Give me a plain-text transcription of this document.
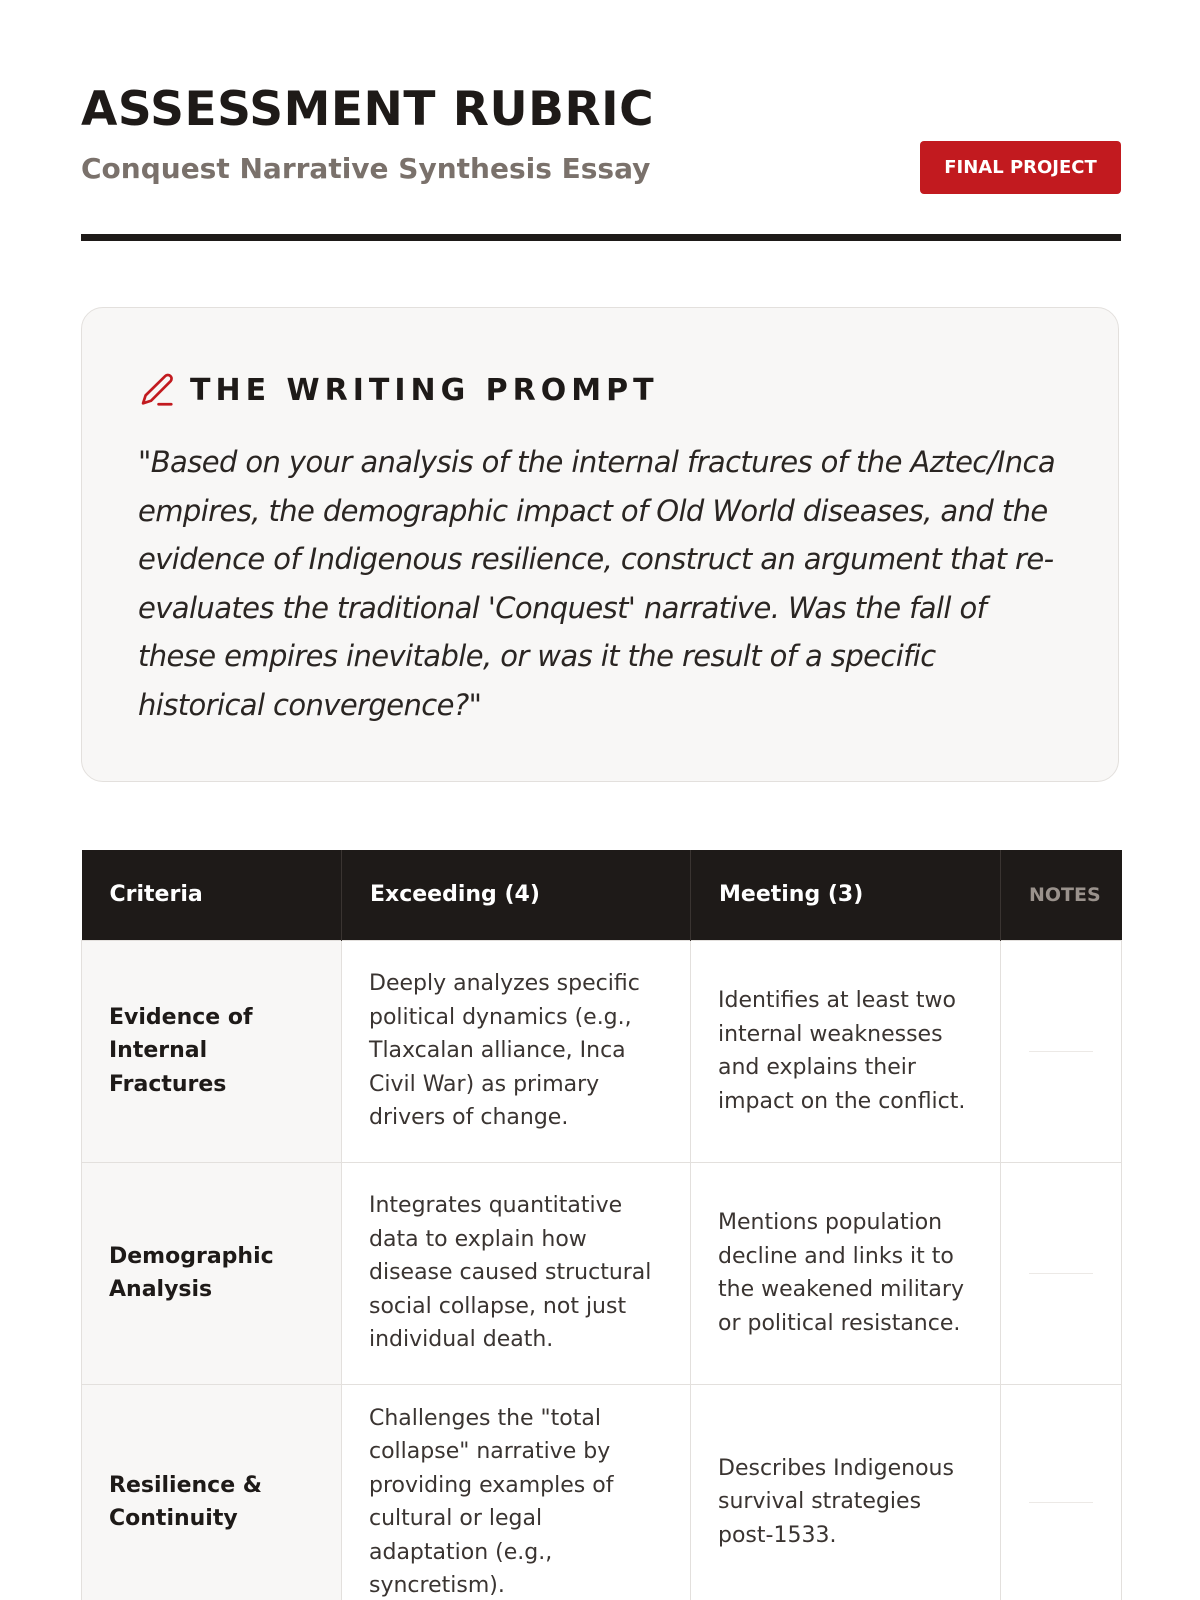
ASSESSMENT RUBRIC
Conquest Narrative Synthesis Essay	FINAL PROJECT
THE WRITING PROMPT

"Based on your analysis of the internal fractures of the Aztec/Inca empires, the demographic impact of Old World diseases, and the evidence of Indigenous resilience, construct an argument that re-evaluates the traditional 'Conquest' narrative. Was the fall of these empires inevitable, or was it the result of a specific historical convergence?"

Criteria	Exceeding (4)	Meeting (3)	NOTES
Evidence of Internal Fractures	Deeply analyzes specific political dynamics (e.g., Tlaxcalan alliance, Inca Civil War) as primary drivers of change.	Identifies at least two internal weaknesses and explains their impact on the conflict.	

Demographic Analysis	Integrates quantitative data to explain how disease caused structural social collapse, not just individual death.	Mentions population decline and links it to the weakened military or political resistance.	

Resilience & Continuity	Challenges the "total collapse" narrative by providing examples of cultural or legal adaptation (e.g., syncretism).	Describes Indigenous survival strategies post-1533.	
